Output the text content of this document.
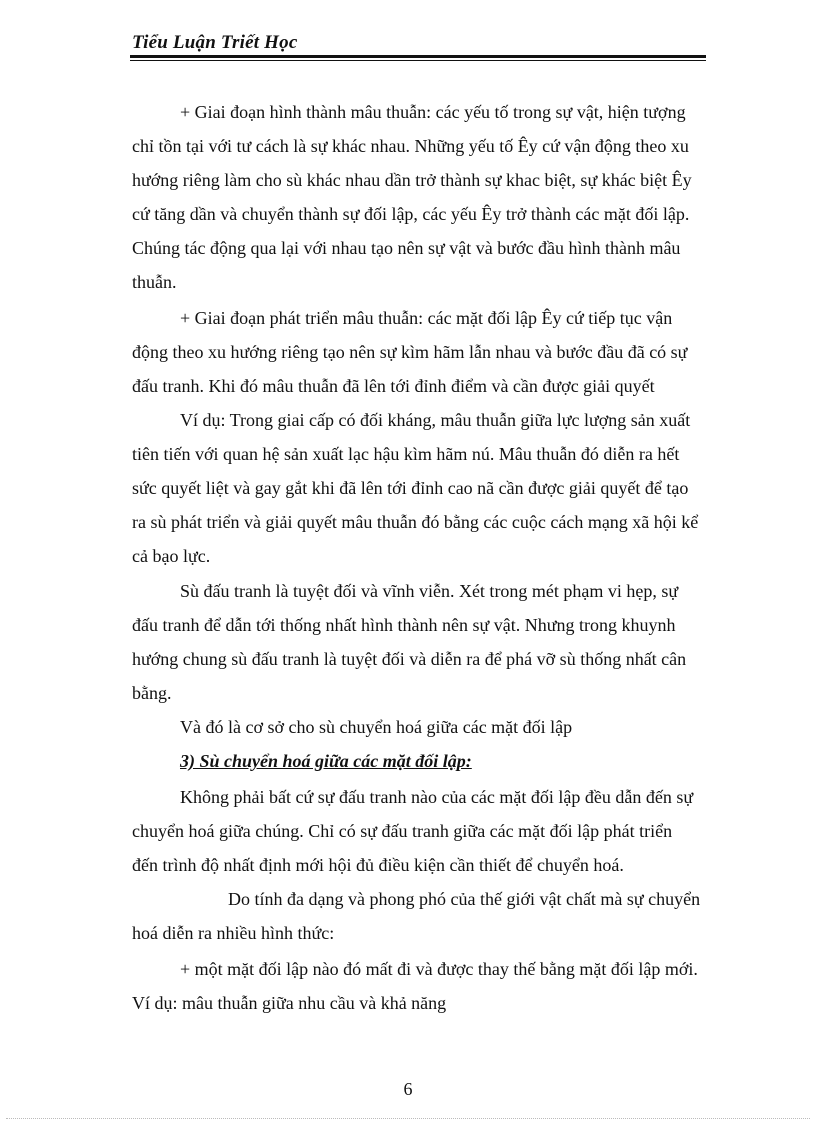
Tiểu Luận Triết Học
+ Giai đoạn hình thành mâu thuẫn: các yếu tố trong sự vật, hiện tượng
chỉ tồn tại với tư cách là sự khác nhau. Những yếu tố Êy cứ vận động theo xu
hướng riêng làm cho sù khác nhau dần trở thành sự khac biệt, sự khác biệt Êy
cứ tăng dần và chuyển thành sự đối lập, các yếu Êy trở thành các mặt đối lập.
Chúng tác động qua lại với nhau tạo nên sự vật và bước đầu hình thành mâu
thuẫn.
+ Giai đoạn phát triển mâu thuẫn: các mặt đối lập Êy cứ tiếp tục vận
động theo xu hướng riêng tạo nên sự kìm hãm lẫn nhau và bước đầu đã có sự
đấu tranh. Khi đó mâu thuẫn đã lên tới đỉnh điểm và cần được giải quyết
Ví dụ: Trong giai cấp có đối kháng, mâu thuẫn giữa lực lượng sản xuất
tiên tiến với quan hệ sản xuất lạc hậu kìm hãm nú. Mâu thuẫn đó diễn ra hết
sức quyết liệt và gay gắt khi đã lên tới đỉnh cao nã cần được giải quyết để tạo
ra sù phát triển và giải quyết mâu thuẫn đó bằng các cuộc cách mạng xã hội kể
cả bạo lực.
Sù đấu tranh là tuyệt đối và vĩnh viễn. Xét trong mét phạm vi hẹp, sự
đấu tranh để dẫn tới thống nhất hình thành nên sự vật. Nhưng trong khuynh
hướng chung sù đấu tranh là tuyệt đối và diễn ra để phá vỡ sù thống nhất cân
bằng.
Và đó là cơ sở cho sù chuyển hoá giữa các mặt đối lập
3) Sù chuyển hoá giữa các mặt đối lập:
Không phải bất cứ sự đấu tranh nào của các mặt đối lập đều dẫn đến sự
chuyển hoá giữa chúng. Chỉ có sự đấu tranh giữa các mặt đối lập phát triển
đến trình độ nhất định mới hội đủ điều kiện cần thiết để chuyển hoá.
Do tính đa dạng và phong phó của thế giới vật chất mà sự chuyển
hoá diễn ra nhiều hình thức:
+ một mặt đối lập nào đó mất đi và được thay thế bằng mặt đối lập mới.
Ví dụ: mâu thuẫn giữa nhu cầu và khả năng
6
